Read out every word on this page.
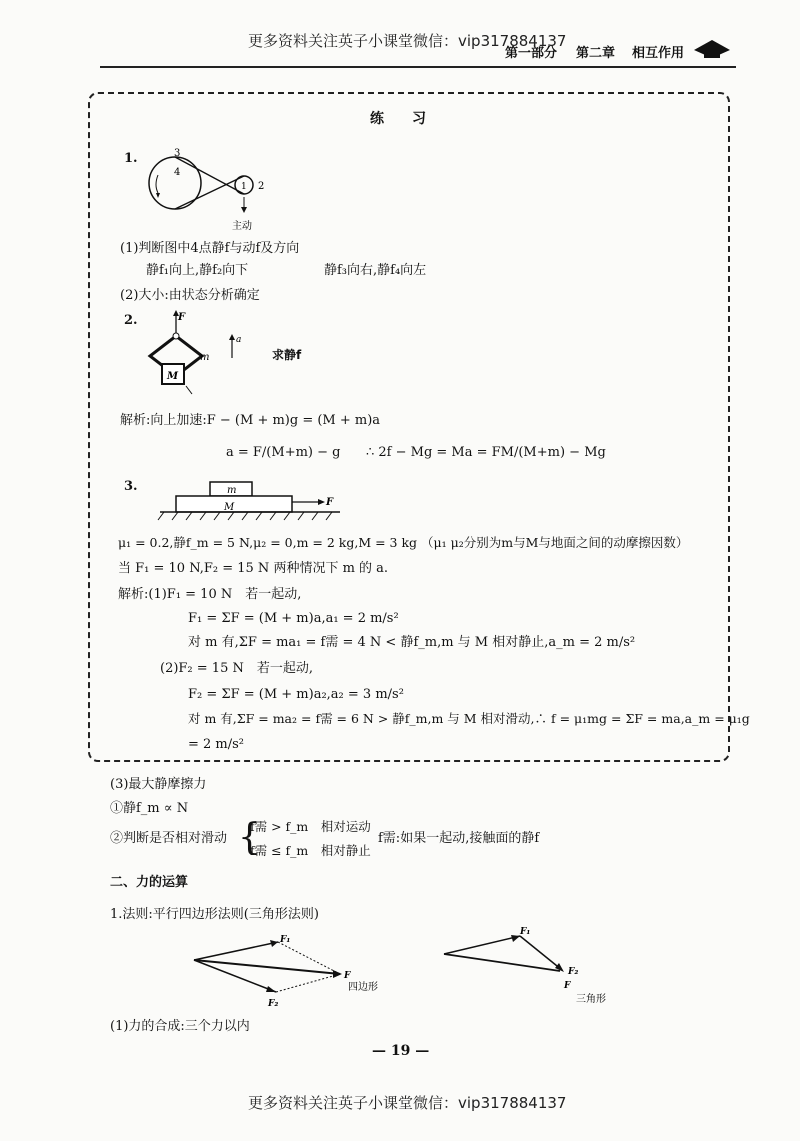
更多资料关注英子小课堂微信：vip317884137
第一部分 第二章 相互作用
练　　习
1.	3
4
1 2
主动
(1)判断图中4点静f与动f及方向
静f₁向上,静f₂向下	静f₃向右,静f₄向左
(2)大小:由状态分析确定
2.	F
m
M
a
求静f
解析:向上加速:F − (M + m)g = (M + m)a
a = F/(M+m) − g ∴ 2f − Mg = Ma = FM/(M+m) − Mg
3.	m
M	F
μ₁ = 0.2,静f_m = 5 N,μ₂ = 0,m = 2 kg,M = 3 kg （μ₁ μ₂分别为m与M与地面之间的动摩擦因数）
当 F₁ = 10 N,F₂ = 15 N 两种情况下 m 的 a.
解析:(1)F₁ = 10 N　若一起动,
F₁ = ΣF = (M + m)a,a₁ = 2 m/s²
对 m 有,ΣF = ma₁ = f需 = 4 N < 静f_m,m 与 M 相对静止,a_m = 2 m/s²
(2)F₂ = 15 N　若一起动,
F₂ = ΣF = (M + m)a₂,a₂ = 3 m/s²
对 m 有,ΣF = ma₂ = f需 = 6 N > 静f_m,m 与 M 相对滑动,∴ f = μ₁mg = ΣF = ma,a_m = μ₁g
= 2 m/s²
(3)最大静摩擦力
①静f_m ∝ N
②判断是否相对滑动 {
f需 > f_m　相对运动
f需 ≤ f_m　相对静止
f需:如果一起动,接触面的静f
二、力的运算
1.法则:平行四边形法则(三角形法则)
F₁
F₂
F
四边形
F₁
F₂
F
三角形
(1)力的合成:三个力以内
— 19 —
更多资料关注英子小课堂微信：vip317884137
